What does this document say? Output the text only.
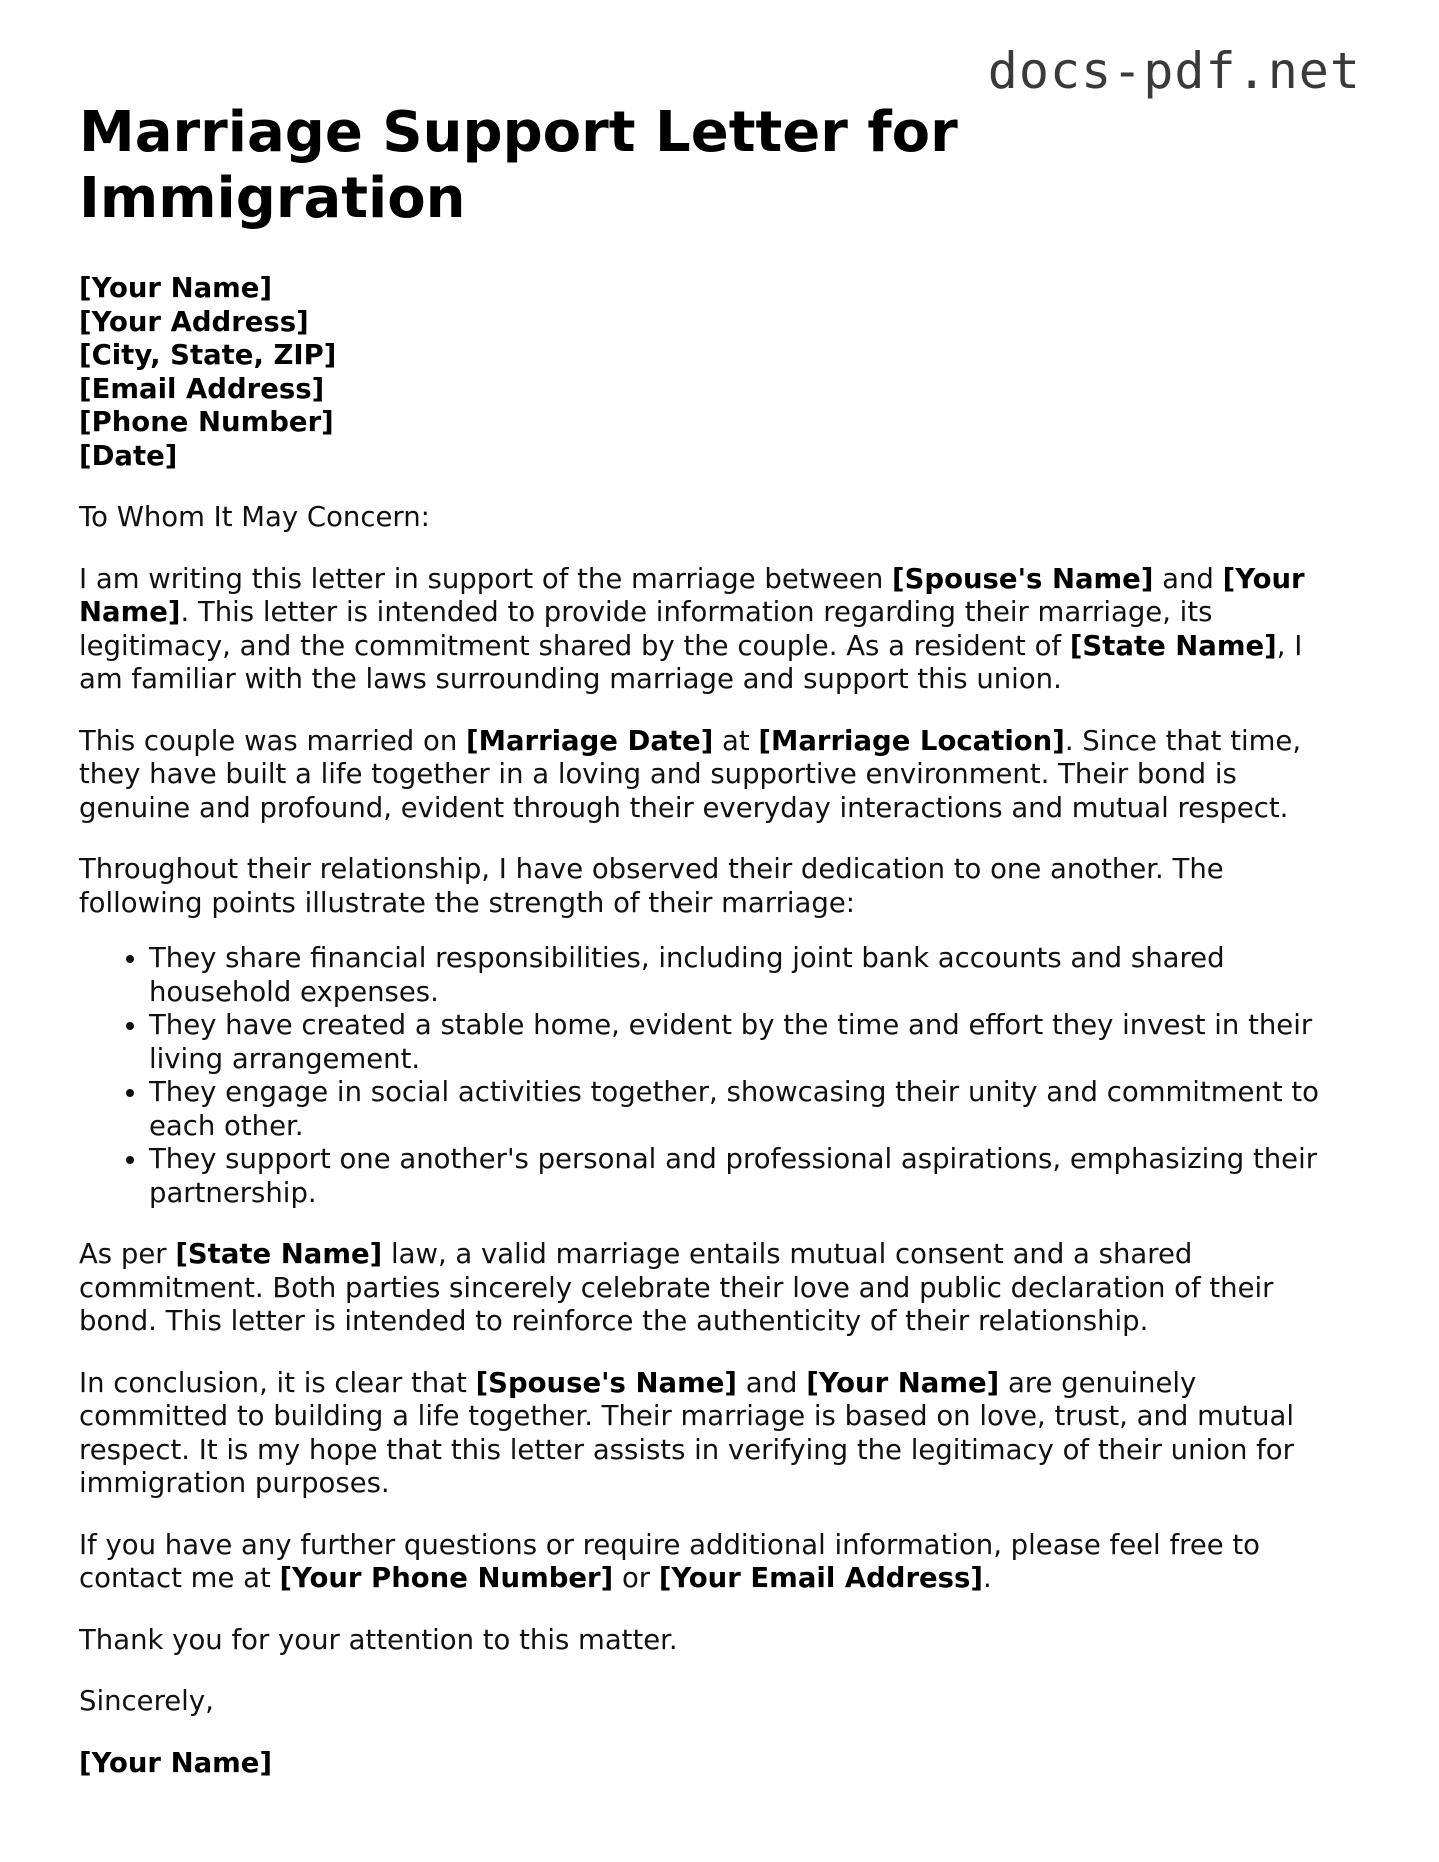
docs-pdf.net
Marriage Support Letter for Immigration
[Your Name]
[Your Address]
[City, State, ZIP]
[Email Address]
[Phone Number]
[Date]

To Whom It May Concern:

I am writing this letter in support of the marriage between [Spouse's Name] and [Your Name]. This letter is intended to provide information regarding their marriage, its legitimacy, and the commitment shared by the couple. As a resident of [State Name], I am familiar with the laws surrounding marriage and support this union.

This couple was married on [Marriage Date] at [Marriage Location]. Since that time, they have built a life together in a loving and supportive environment. Their bond is genuine and profound, evident through their everyday interactions and mutual respect.

Throughout their relationship, I have observed their dedication to one another. The following points illustrate the strength of their marriage:

• They share financial responsibilities, including joint bank accounts and shared household expenses.
• They have created a stable home, evident by the time and effort they invest in their living arrangement.
• They engage in social activities together, showcasing their unity and commitment to each other.
• They support one another's personal and professional aspirations, emphasizing their partnership.

As per [State Name] law, a valid marriage entails mutual consent and a shared commitment. Both parties sincerely celebrate their love and public declaration of their bond. This letter is intended to reinforce the authenticity of their relationship.

In conclusion, it is clear that [Spouse's Name] and [Your Name] are genuinely committed to building a life together. Their marriage is based on love, trust, and mutual respect. It is my hope that this letter assists in verifying the legitimacy of their union for immigration purposes.

If you have any further questions or require additional information, please feel free to contact me at [Your Phone Number] or [Your Email Address].

Thank you for your attention to this matter.

Sincerely,

[Your Name]
